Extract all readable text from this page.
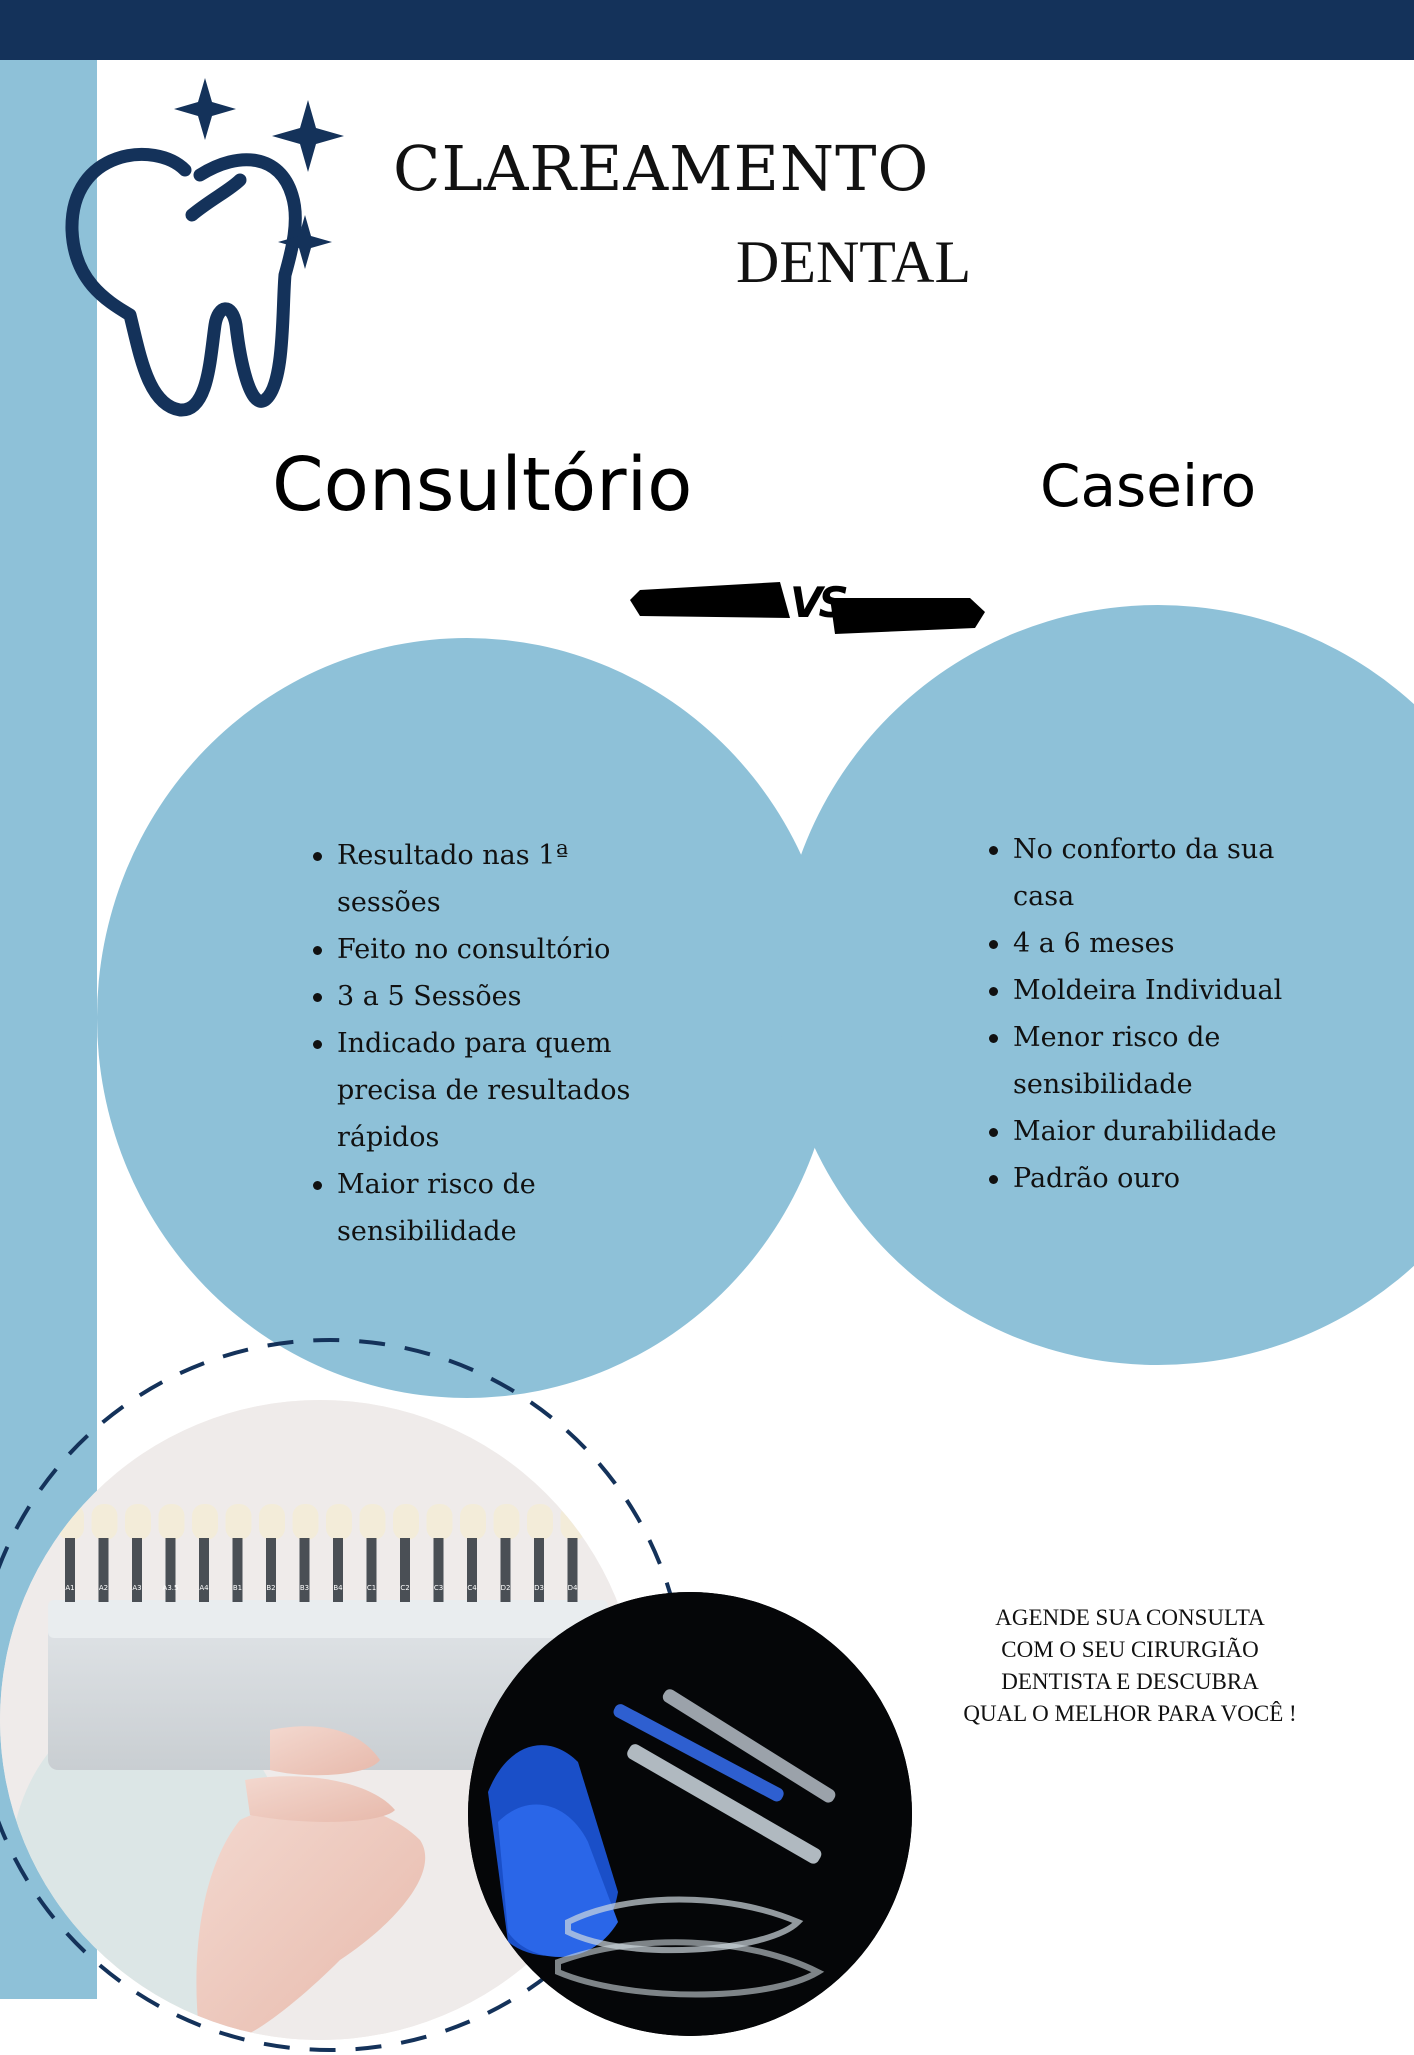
CLAREAMENTO
DENTAL
Consultório	Caseiro
VS
Resultado nas 1ª sessões
Feito no consultório
3 a 5 Sessões
Indicado para quem precisa de resultados rápidos
Maior risco de sensibilidade
No conforto da sua casa
4 a 6 meses
Moldeira Individual
Menor risco de sensibilidade
Maior durabilidade
Padrão ouro
A1	A2	A3	A3.5	A4	B1	B2	B3	B4	C1	C2	C3	C4	D2	D3	D4
AGENDE SUA CONSULTA
COM O SEU CIRURGIÃO
DENTISTA E DESCUBRA
QUAL O MELHOR PARA VOCÊ !
